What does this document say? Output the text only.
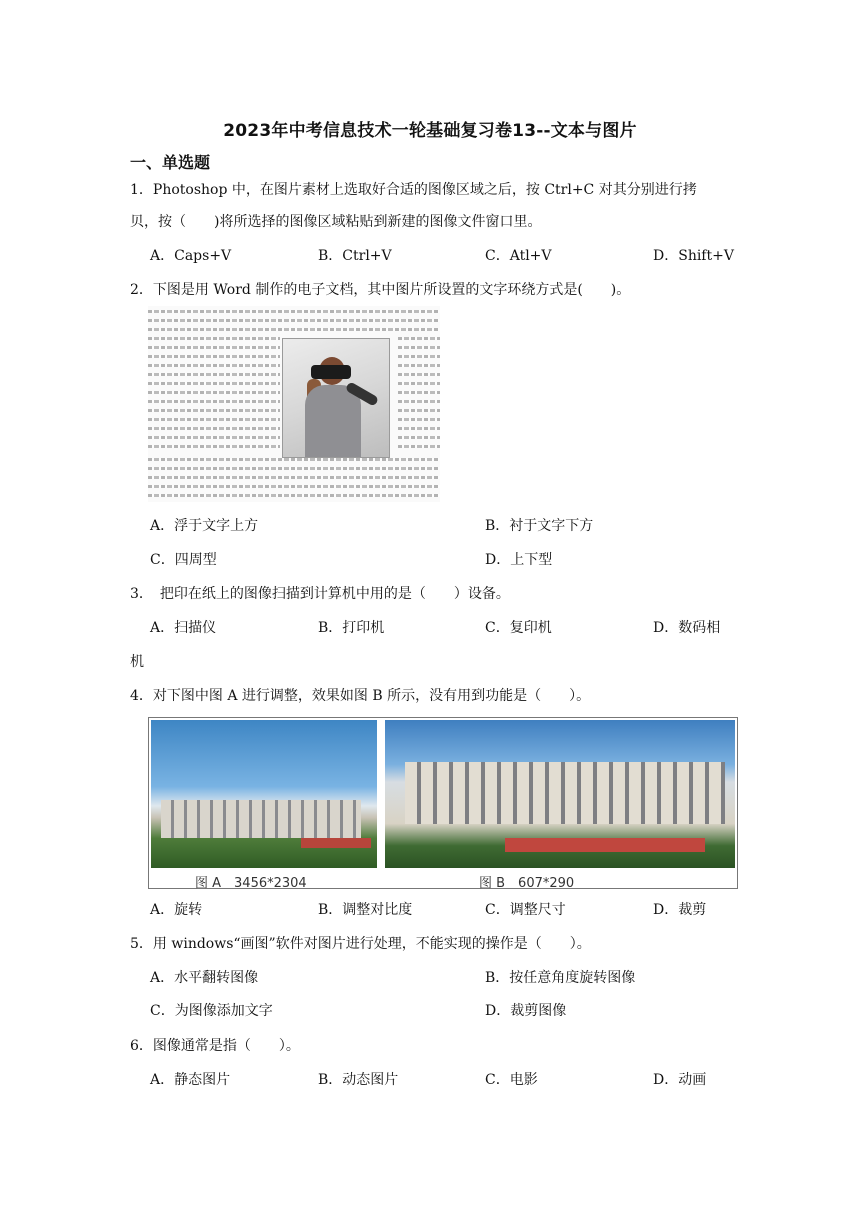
2023年中考信息技术一轮基础复习卷13--文本与图片
一、单选题
1．Photoshop 中，在图片素材上选取好合适的图像区域之后，按 Ctrl+C 对其分别进行拷
贝，按（　　)将所选择的图像区域粘贴到新建的图像文件窗口里。
A．Caps+V	B．Ctrl+V	C．Atl+V	D．Shift+V
2．下图是用 Word 制作的电子文档，其中图片所设置的文字环绕方式是(　　)。
A．浮于文字上方	B．衬于文字下方
C．四周型	D．上下型
3．　把印在纸上的图像扫描到计算机中用的是（　　）设备。
A．扫描仪	B．打印机	C．复印机	D．数码相
机
4．对下图中图 A 进行调整，效果如图 B 所示，没有用到功能是（　　）。
图 A　3456*2304	图 B　607*290
A．旋转	B．调整对比度	C．调整尺寸	D．裁剪
5．用 windows“画图”软件对图片进行处理，不能实现的操作是（　　）。
A．水平翻转图像	B．按任意角度旋转图像
C．为图像添加文字	D．裁剪图像
6．图像通常是指（　　）。
A．静态图片	B．动态图片	C．电影	D．动画
